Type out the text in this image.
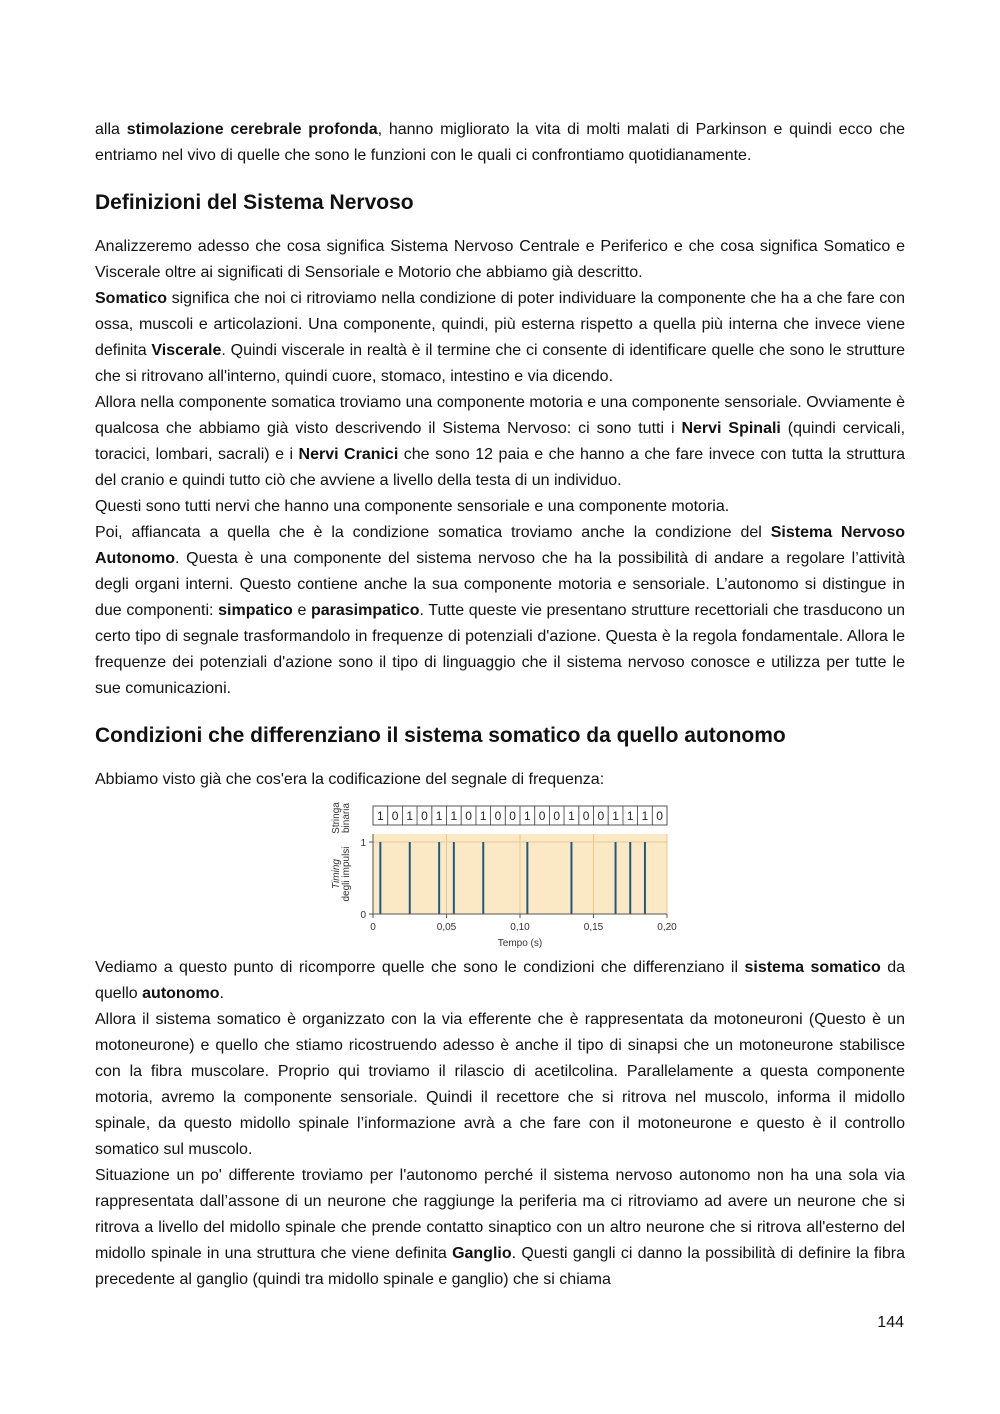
alla stimolazione cerebrale profonda, hanno migliorato la vita di molti malati di Parkinson e quindi ecco che entriamo nel vivo di quelle che sono le funzioni con le quali ci confrontiamo quotidianamente.

Definizioni del Sistema Nervoso

Analizzeremo adesso che cosa significa Sistema Nervoso Centrale e Periferico e che cosa significa Somatico e Viscerale oltre ai significati di Sensoriale e Motorio che abbiamo già descritto.

Somatico significa che noi ci ritroviamo nella condizione di poter individuare la componente che ha a che fare con ossa, muscoli e articolazioni. Una componente, quindi, più esterna rispetto a quella più interna che invece viene definita Viscerale. Quindi viscerale in realtà è il termine che ci consente di identificare quelle che sono le strutture che si ritrovano all'interno, quindi cuore, stomaco, intestino e via dicendo.

Allora nella componente somatica troviamo una componente motoria e una componente sensoriale. Ovviamente è qualcosa che abbiamo già visto descrivendo il Sistema Nervoso: ci sono tutti i Nervi Spinali (quindi cervicali, toracici, lombari, sacrali) e i Nervi Cranici che sono 12 paia e che hanno a che fare invece con tutta la struttura del cranio e quindi tutto ciò che avviene a livello della testa di un individuo.

Questi sono tutti nervi che hanno una componente sensoriale e una componente motoria.

Poi, affiancata a quella che è la condizione somatica troviamo anche la condizione del Sistema Nervoso Autonomo. Questa è una componente del sistema nervoso che ha la possibilità di andare a regolare l’attività degli organi interni. Questo contiene anche la sua componente motoria e sensoriale. L’autonomo si distingue in due componenti: simpatico e parasimpatico. Tutte queste vie presentano strutture recettoriali che trasducono un certo tipo di segnale trasformandolo in frequenze di potenziali d'azione. Questa è la regola fondamentale. Allora le frequenze dei potenziali d'azione sono il tipo di linguaggio che il sistema nervoso conosce e utilizza per tutte le sue comunicazioni.

Condizioni che differenziano il sistema somatico da quello autonomo

Abbiamo visto già che cos'era la codificazione del segnale di frequenza:

1 0 1 0 1 1 0 1 0 0 1 0 0 1 0 0 1 1 1 0
Stringa binaria
0
1
0	0,05	0,10	0,15	0,20
Timing degli impulsi
Tempo (s)

Vediamo a questo punto di ricomporre quelle che sono le condizioni che differenziano il sistema somatico da quello autonomo.

Allora il sistema somatico è organizzato con la via efferente che è rappresentata da motoneuroni (Questo è un motoneurone) e quello che stiamo ricostruendo adesso è anche il tipo di sinapsi che un motoneurone stabilisce con la fibra muscolare. Proprio qui troviamo il rilascio di acetilcolina. Parallelamente a questa componente motoria, avremo la componente sensoriale. Quindi il recettore che si ritrova nel muscolo, informa il midollo spinale, da questo midollo spinale l’informazione avrà a che fare con il motoneurone e questo è il controllo somatico sul muscolo.

Situazione un po' differente troviamo per l'autonomo perché il sistema nervoso autonomo non ha una sola via rappresentata dall’assone di un neurone che raggiunge la periferia ma ci ritroviamo ad avere un neurone che si ritrova a livello del midollo spinale che prende contatto sinaptico con un altro neurone che si ritrova all'esterno del midollo spinale in una struttura che viene definita Ganglio. Questi gangli ci danno la possibilità di definire la fibra precedente al ganglio (quindi tra midollo spinale e ganglio) che si chiama

144
